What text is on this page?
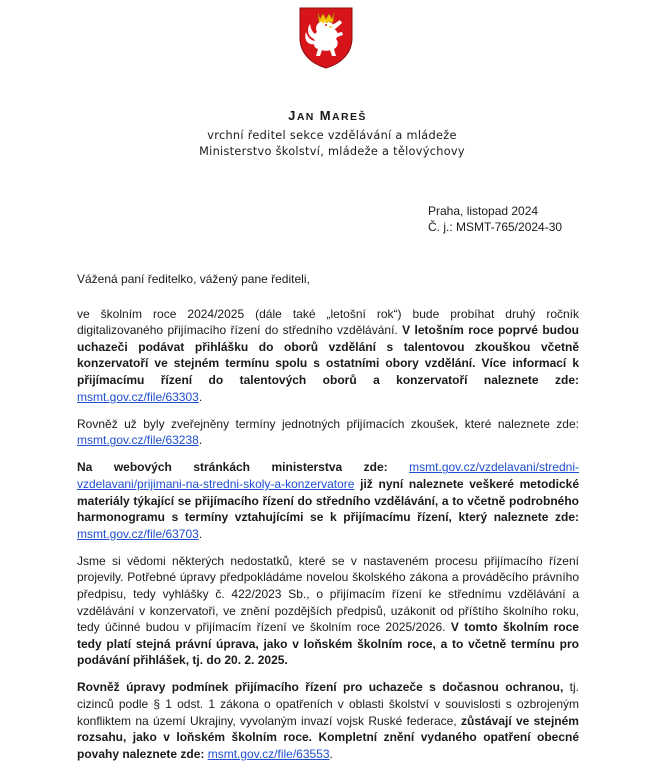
JAN MAREŠ
vrchní ředitel sekce vzdělávání a mládeže
Ministerstvo školství, mládeže a tělovýchovy
Praha, listopad 2024
Č. j.: MSMT-765/2024-30

Vážená paní ředitelko, vážený pane řediteli,

ve školním roce 2024/2025 (dále také „letošní rok“) bude probíhat druhý ročník digitalizovaného přijímacího řízení do středního vzdělávání. V letošním roce poprvé budou uchazeči podávat přihlášku do oborů vzdělání s talentovou zkouškou včetně konzervatoří ve stejném termínu spolu s ostatními obory vzdělání. Více informací k přijímacímu řízení do talentových oborů a konzervatoří naleznete zde: msmt.gov.cz/file/63303.

Rovněž už byly zveřejněny termíny jednotných přijímacích zkoušek, které naleznete zde: msmt.gov.cz/file/63238.

Na webových stránkách ministerstva zde: msmt.gov.cz/vzdelavani/stredni-vzdelavani/prijimani-na-stredni-skoly-a-konzervatore již nyní naleznete veškeré metodické materiály týkající se přijímacího řízení do středního vzdělávání, a to včetně podrobného harmonogramu s termíny vztahujícími se k přijímacímu řízení, který naleznete zde: msmt.gov.cz/file/63703.

Jsme si vědomi některých nedostatků, které se v nastaveném procesu přijímacího řízení projevily. Potřebné úpravy předpokládáme novelou školského zákona a prováděcího právního předpisu, tedy vyhlášky č. 422/2023 Sb., o přijímacím řízení ke střednímu vzdělávání a vzdělávání v konzervatoři, ve znění pozdějších předpisů, uzákonit od příštího školního roku, tedy účinné budou v přijímacím řízení ve školním roce 2025/2026. V tomto školním roce tedy platí stejná právní úprava, jako v loňském školním roce, a to včetně termínu pro podávání přihlášek, tj. do 20. 2. 2025.

Rovněž úpravy podmínek přijímacího řízení pro uchazeče s dočasnou ochranou, tj. cizinců podle § 1 odst. 1 zákona o opatřeních v oblasti školství v souvislosti s ozbrojeným konfliktem na území Ukrajiny, vyvolaným invazí vojsk Ruské federace, zůstávají ve stejném rozsahu, jako v loňském školním roce. Kompletní znění vydaného opatření obecné povahy naleznete zde: msmt.gov.cz/file/63553.
